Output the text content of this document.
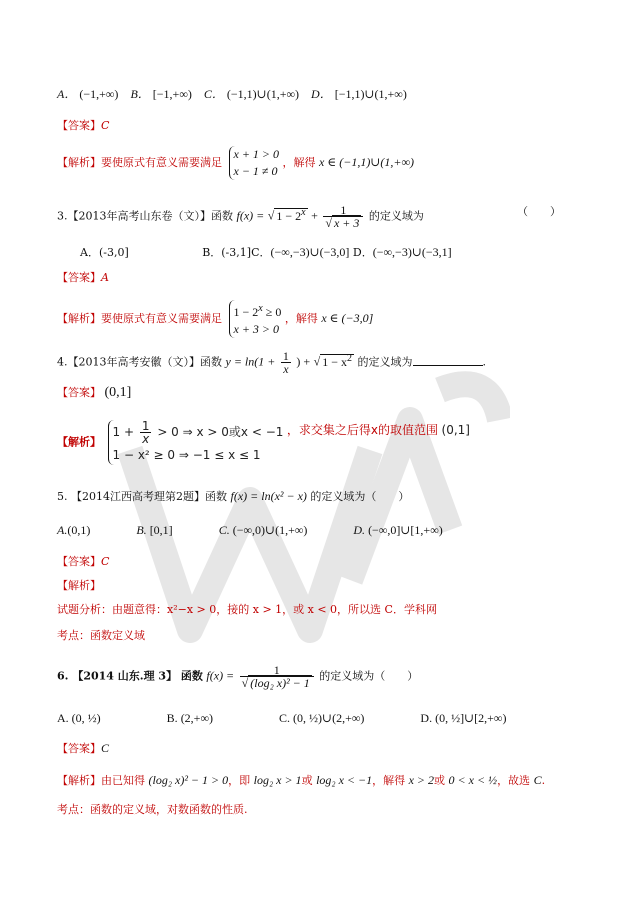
A． (−1,+∞) B． [−1,+∞) C． (−1,1)∪(1,+∞) D． [−1,1)∪(1,+∞)
【答案】C
【解析】要使原式有意义需要满足
x + 1 > 0
x − 1 ≠ 0
，解得 x ∈ (−1,1)∪(1,+∞)
3.【2013年高考山东卷（文）】函数 f(x) = √ $1 - 2^x + \frac{1}{√ x + 3}$ 的定义域为	（　　）
A．(-3,0]	B．(-3,1]C．(−∞,−3)∪(−3,0] D．(−∞,−3)∪(−3,1]
【答案】A
【解析】要使原式有意义需要满足 $1 - 2^x \ge 0$
x + 3 > 0
，解得 x ∈ (−3,0]
4.【2013年高考安徽（文）】函数 $y = \ln(1 + \frac{1}{x}$ ) + √ $1 - x^2$ 的定义域为	.
【答案】 (0,1]
【解析】
$1 + \frac{1}{x} > 0$ ⇒ x > 0或x < −1
1 − x² ≥ 0 ⇒ −1 ≤ x ≤ 1
，求交集之后得x的取值范围 (0,1]
5. 【2014江西高考理第2题】函数 f(x) = ln(x² − x) 的定义域为（　　）
A.(0,1)	B. [0,1]	C. (−∞,0)∪(1,+∞)	D. (−∞,0]∪[1,+∞)
【答案】C
【解析】
试题分析：由题意得：x²−x > 0，接的 x > 1，或 x < 0，所以选 C．学科网
考点：函数定义域
6. 【2014 山东.理 3】 函数 $f(x) = \frac{1}{\text{√ (log₂ x)² − 1}}$ 的定义域为（　　）
A. (0, ½)	B. (2,+∞)	C. (0, ½)∪(2,+∞)	D. (0, ½]∪[2,+∞)
【答案】C
【解析】由已知得 (log₂ x)² − 1 > 0，即 log₂ x > 1或 log₂ x < −1，解得 x > 2或 0 < x < ½，故选 C.
考点：函数的定义域，对数函数的性质.
